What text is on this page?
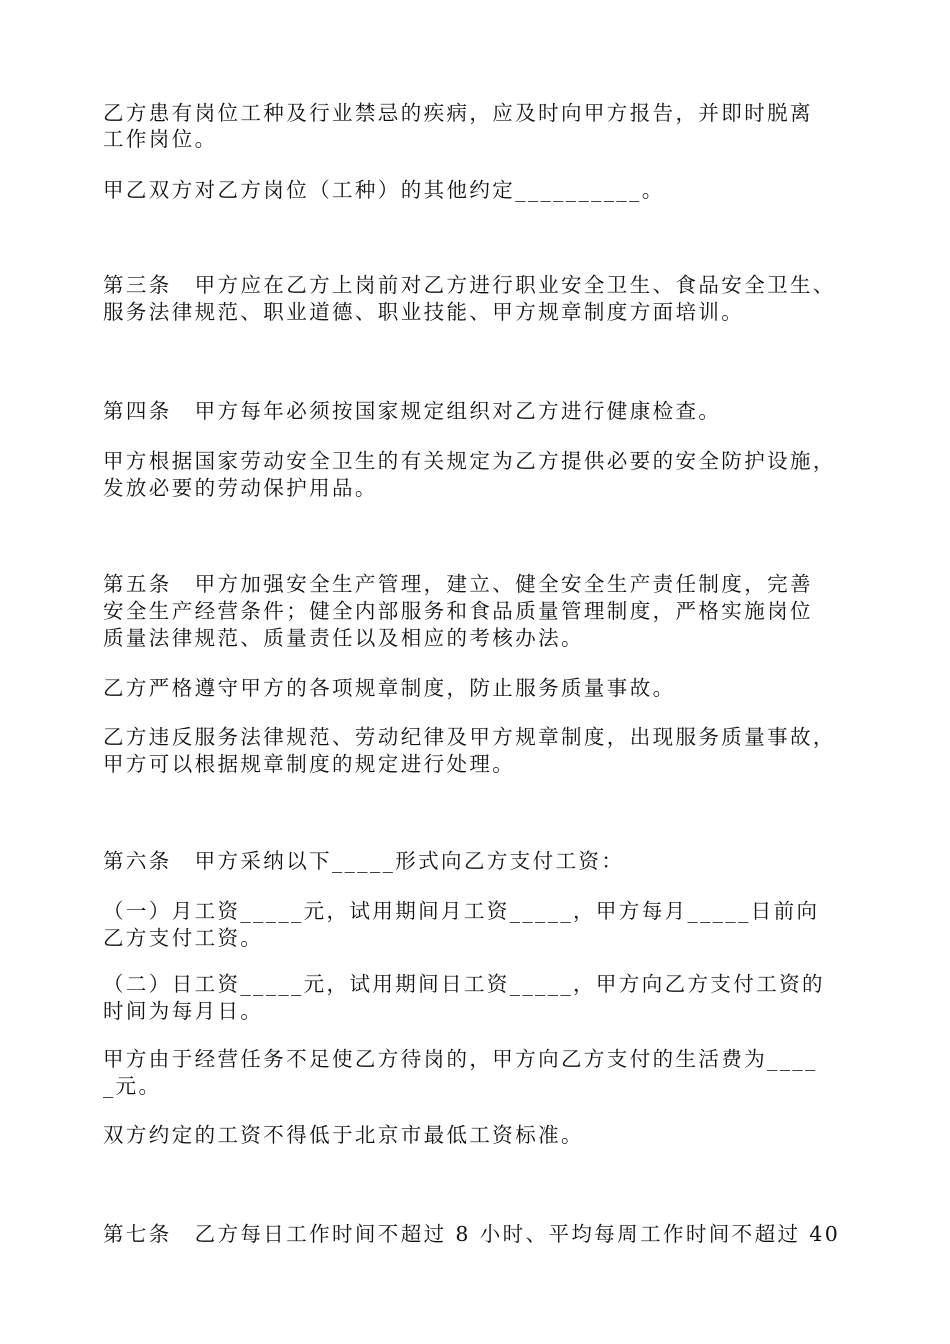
乙方患有岗位工种及行业禁忌的疾病，应及时向甲方报告，并即时脱离
工作岗位。
甲乙双方对乙方岗位（工种）的其他约定__________。
第三条　甲方应在乙方上岗前对乙方进行职业安全卫生、食品安全卫生、
服务法律规范、职业道德、职业技能、甲方规章制度方面培训。
第四条　甲方每年必须按国家规定组织对乙方进行健康检查。
甲方根据国家劳动安全卫生的有关规定为乙方提供必要的安全防护设施，
发放必要的劳动保护用品。
第五条　甲方加强安全生产管理，建立、健全安全生产责任制度，完善
安全生产经营条件；健全内部服务和食品质量管理制度，严格实施岗位
质量法律规范、质量责任以及相应的考核办法。
乙方严格遵守甲方的各项规章制度，防止服务质量事故。
乙方违反服务法律规范、劳动纪律及甲方规章制度，出现服务质量事故，
甲方可以根据规章制度的规定进行处理。
第六条　甲方采纳以下_____形式向乙方支付工资：
（一）月工资_____元，试用期间月工资_____，甲方每月_____日前向
乙方支付工资。
（二）日工资_____元，试用期间日工资_____，甲方向乙方支付工资的
时间为每月日。
甲方由于经营任务不足使乙方待岗的，甲方向乙方支付的生活费为____
_元。
双方约定的工资不得低于北京市最低工资标准。
第七条　乙方每日工作时间不超过 8 小时、平均每周工作时间不超过 40
